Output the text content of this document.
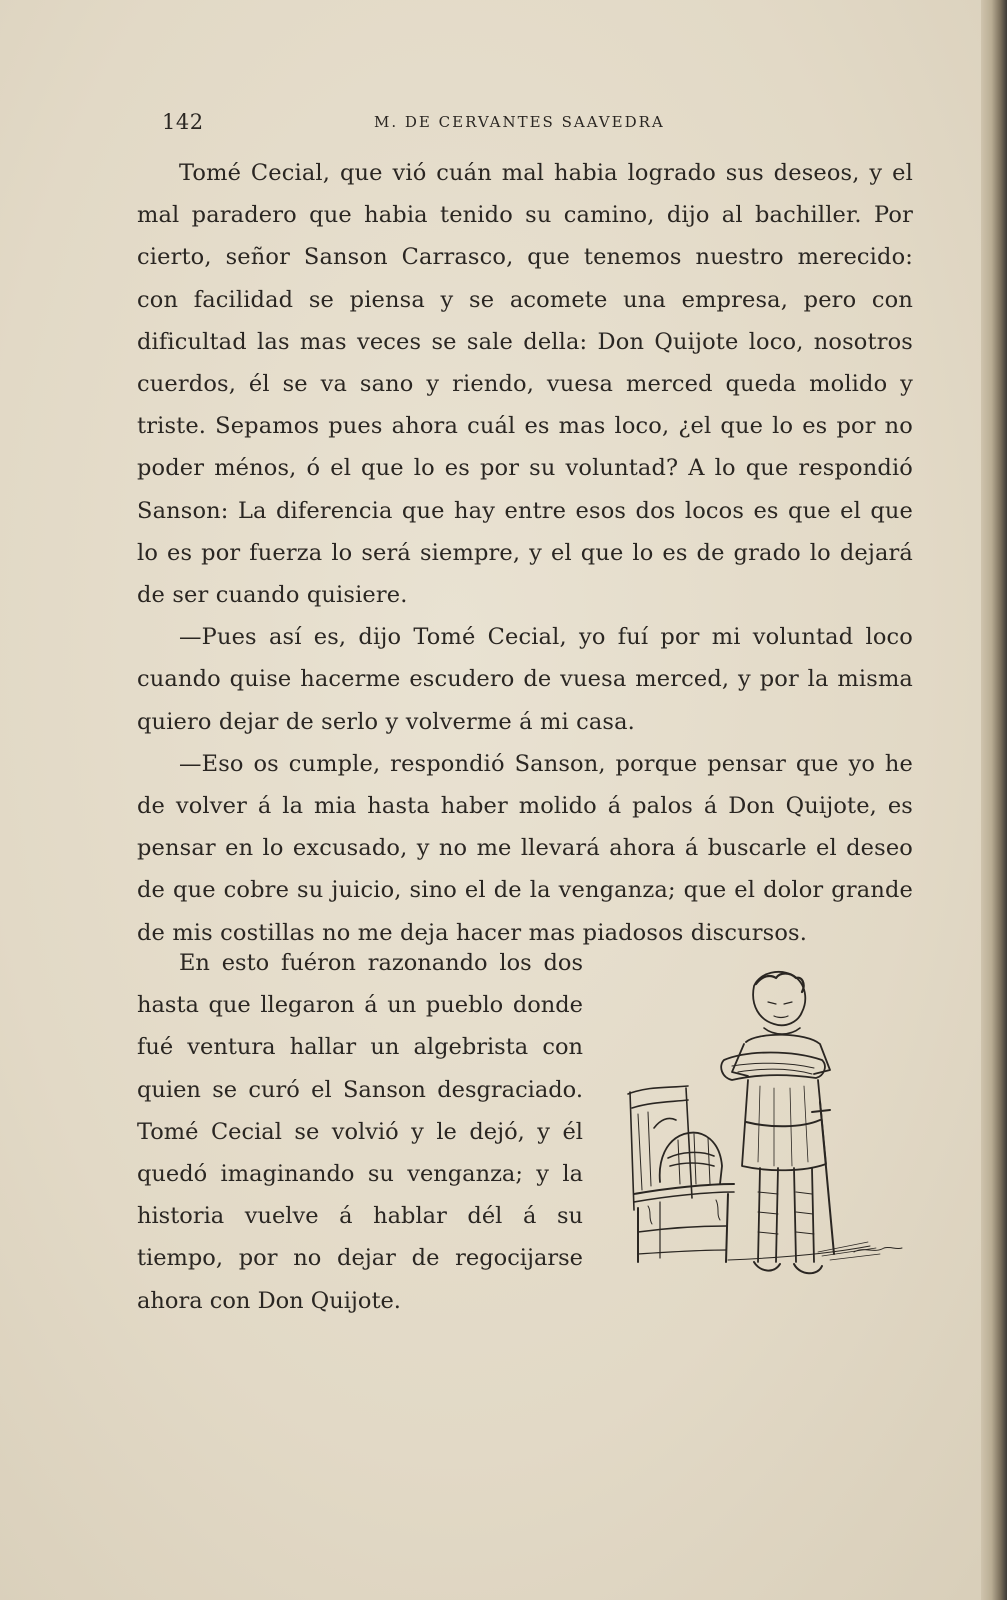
142	M. DE CERVANTES SAAVEDRA

Tomé Cecial, que vió cuán mal habia logrado sus deseos, y el mal paradero que habia tenido su camino, dijo al bachiller. Por cierto, señor Sanson Carrasco, que tenemos nuestro merecido: con facilidad se piensa y se acomete una empresa, pero con dificultad las mas veces se sale della: Don Quijote loco, nosotros cuerdos, él se va sano y riendo, vuesa merced queda molido y triste. Sepamos pues ahora cuál es mas loco, ¿el que lo es por no poder ménos, ó el que lo es por su voluntad? A lo que respondió Sanson: La diferencia que hay entre esos dos locos es que el que lo es por fuerza lo será siempre, y el que lo es de grado lo dejará de ser cuando quisiere.

—Pues así es, dijo Tomé Cecial, yo fuí por mi voluntad loco cuando quise hacerme escudero de vuesa merced, y por la misma quiero dejar de serlo y volverme á mi casa.

—Eso os cumple, respondió Sanson, porque pensar que yo he de volver á la mia hasta haber molido á palos á Don Quijote, es pensar en lo excusado, y no me llevará ahora á buscarle el deseo de que cobre su juicio, sino el de la venganza; que el dolor grande de mis costillas no me deja hacer mas piadosos discursos.

En esto fuéron razonando los dos hasta que llegaron á un pueblo donde fué ventura hallar un algebrista con quien se curó el Sanson desgraciado. Tomé Cecial se volvió y le dejó, y él quedó imaginando su venganza; y la historia vuelve á hablar dél á su tiempo, por no dejar de regocijarse ahora con Don Quijote.
